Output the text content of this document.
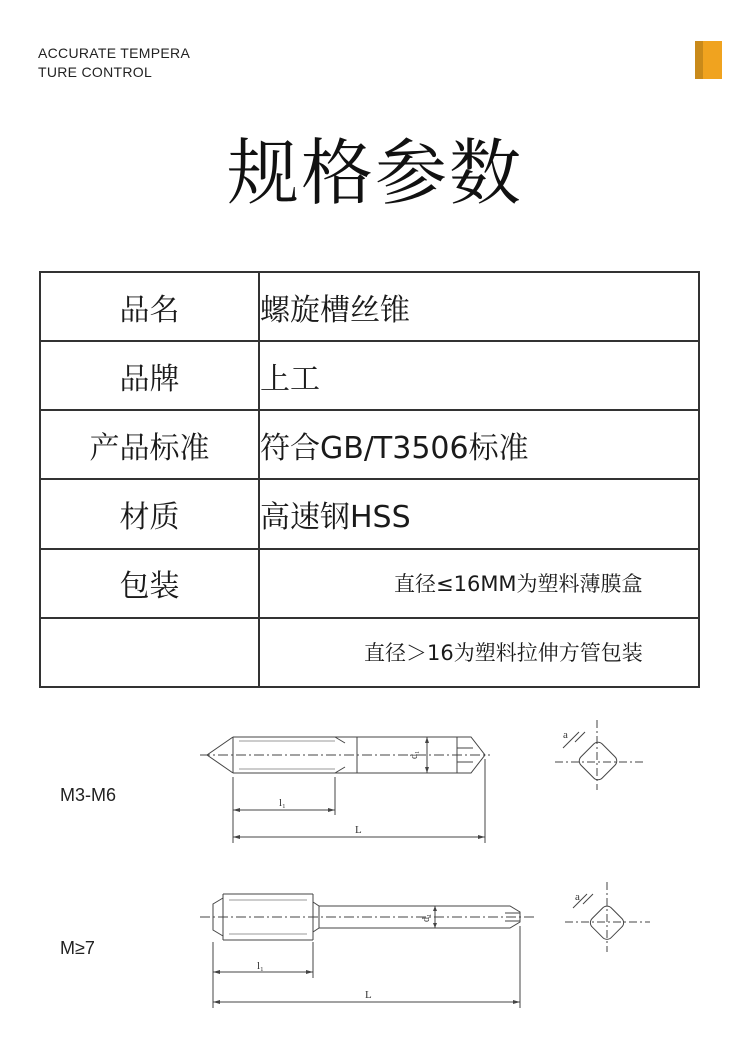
ACCURATE TEMPERA
TURE CONTROL
规格参数
品名	螺旋槽丝锥
品牌	上工
产品标准	符合GB/T3506标准
材质	高速钢HSS
包装	直径≤16MM为塑料薄膜盒
	直径＞16为塑料拉伸方管包装
M3-M6
d₁
l₁
L
a
M≥7
d₁
l₁
L
a
